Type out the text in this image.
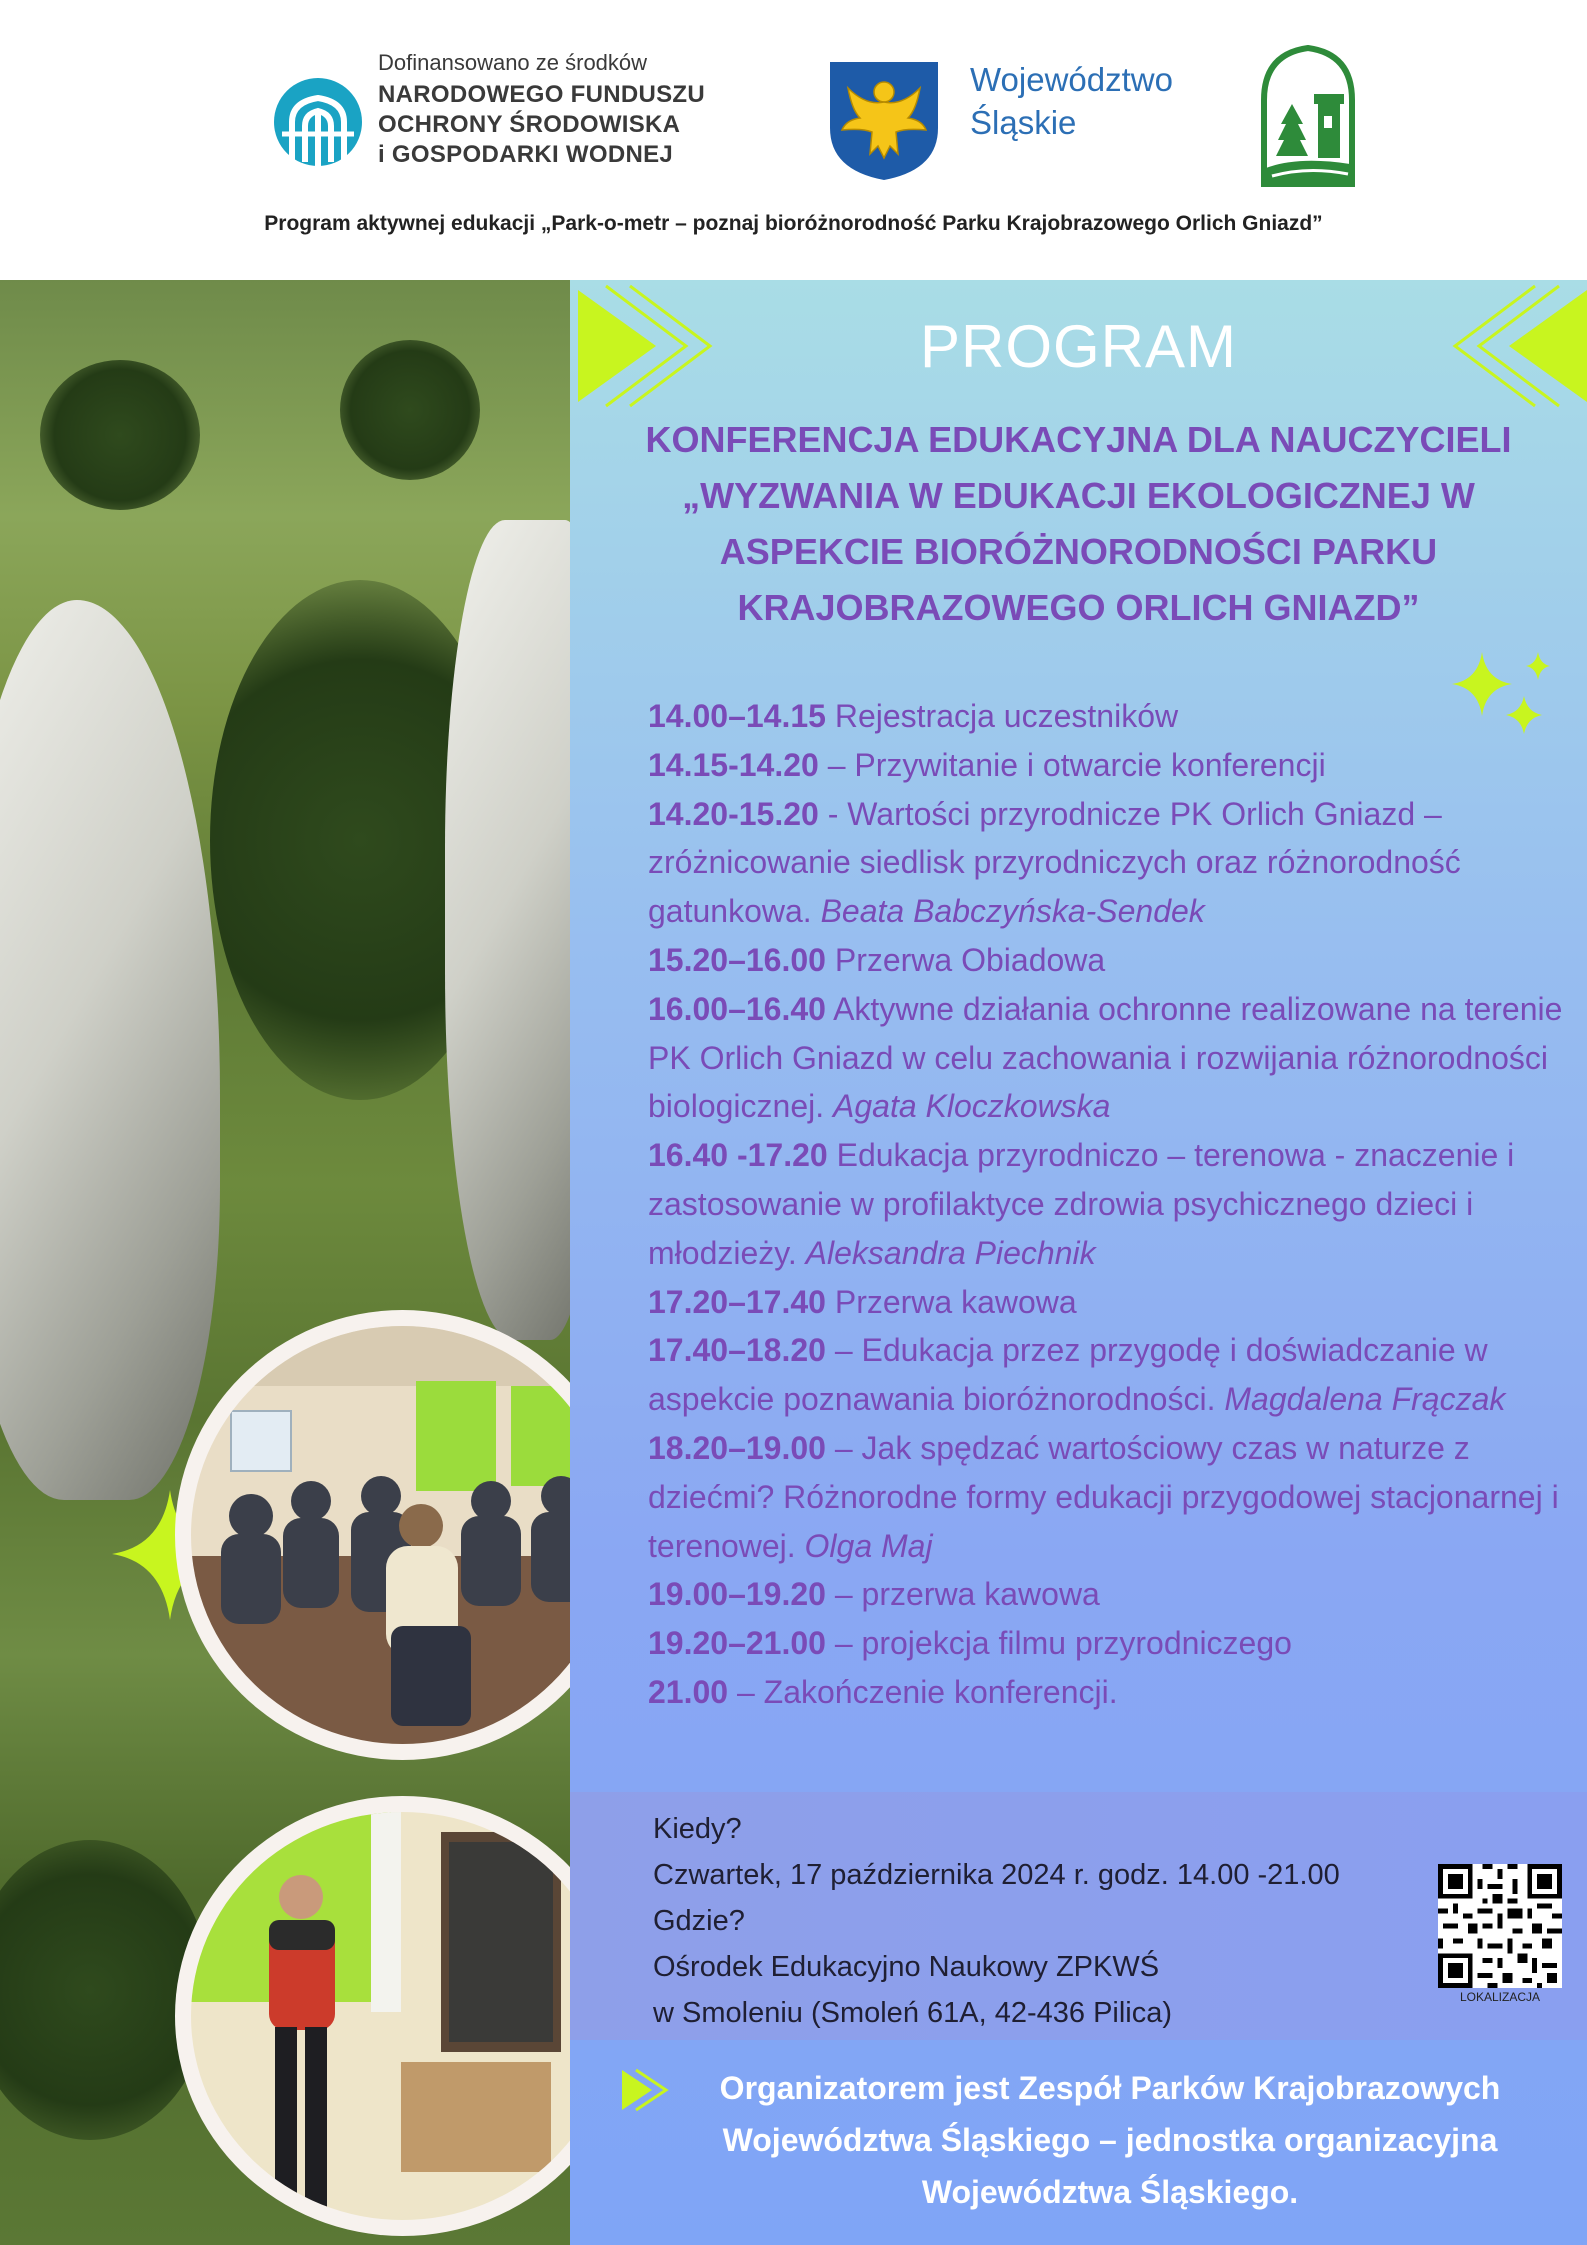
Dofinansowano ze środków
NARODOWEGO FUNDUSZU
OCHRONY ŚRODOWISKA
i GOSPODARKI WODNEJ
Województwo
Śląskie
Program aktywnej edukacji „Park-o-metr – poznaj bioróżnorodność Parku Krajobrazowego Orlich Gniazd”
PROGRAM
KONFERENCJA EDUKACYJNA DLA NAUCZYCIELI
„WYZWANIA W EDUKACJI EKOLOGICZNEJ W
ASPEKCIE BIORÓŻNORODNOŚCI PARKU
KRAJOBRAZOWEGO ORLICH GNIAZD”
14.00–14.15 Rejestracja uczestników
14.15-14.20 – Przywitanie i otwarcie konferencji
14.20-15.20 - Wartości przyrodnicze PK Orlich Gniazd – zróżnicowanie siedlisk przyrodniczych oraz różnorodność gatunkowa. Beata Babczyńska-Sendek
15.20–16.00 Przerwa Obiadowa
16.00–16.40 Aktywne działania ochronne realizowane na terenie PK Orlich Gniazd w celu zachowania i rozwijania różnorodności biologicznej. Agata Kloczkowska
16.40 -17.20 Edukacja przyrodniczo – terenowa - znaczenie i zastosowanie w profilaktyce zdrowia psychicznego dzieci i młodzieży. Aleksandra Piechnik
17.20–17.40 Przerwa kawowa
17.40–18.20 – Edukacja przez przygodę i doświadczanie w aspekcie poznawania bioróżnorodności. Magdalena Frączak
18.20–19.00 – Jak spędzać wartościowy czas w naturze z dziećmi? Różnorodne formy edukacji przygodowej stacjonarnej i terenowej. Olga Maj
19.00–19.20 – przerwa kawowa
19.20–21.00 – projekcja filmu przyrodniczego
21.00 – Zakończenie konferencji.
Kiedy?
Czwartek, 17 października 2024 r. godz. 14.00 -21.00
Gdzie?
Ośrodek Edukacyjno Naukowy ZPKWŚ
w Smoleniu (Smoleń 61A, 42-436 Pilica)	LOKALIZACJA
Organizatorem jest Zespół Parków Krajobrazowych
Województwa Śląskiego – jednostka organizacyjna
Województwa Śląskiego.
